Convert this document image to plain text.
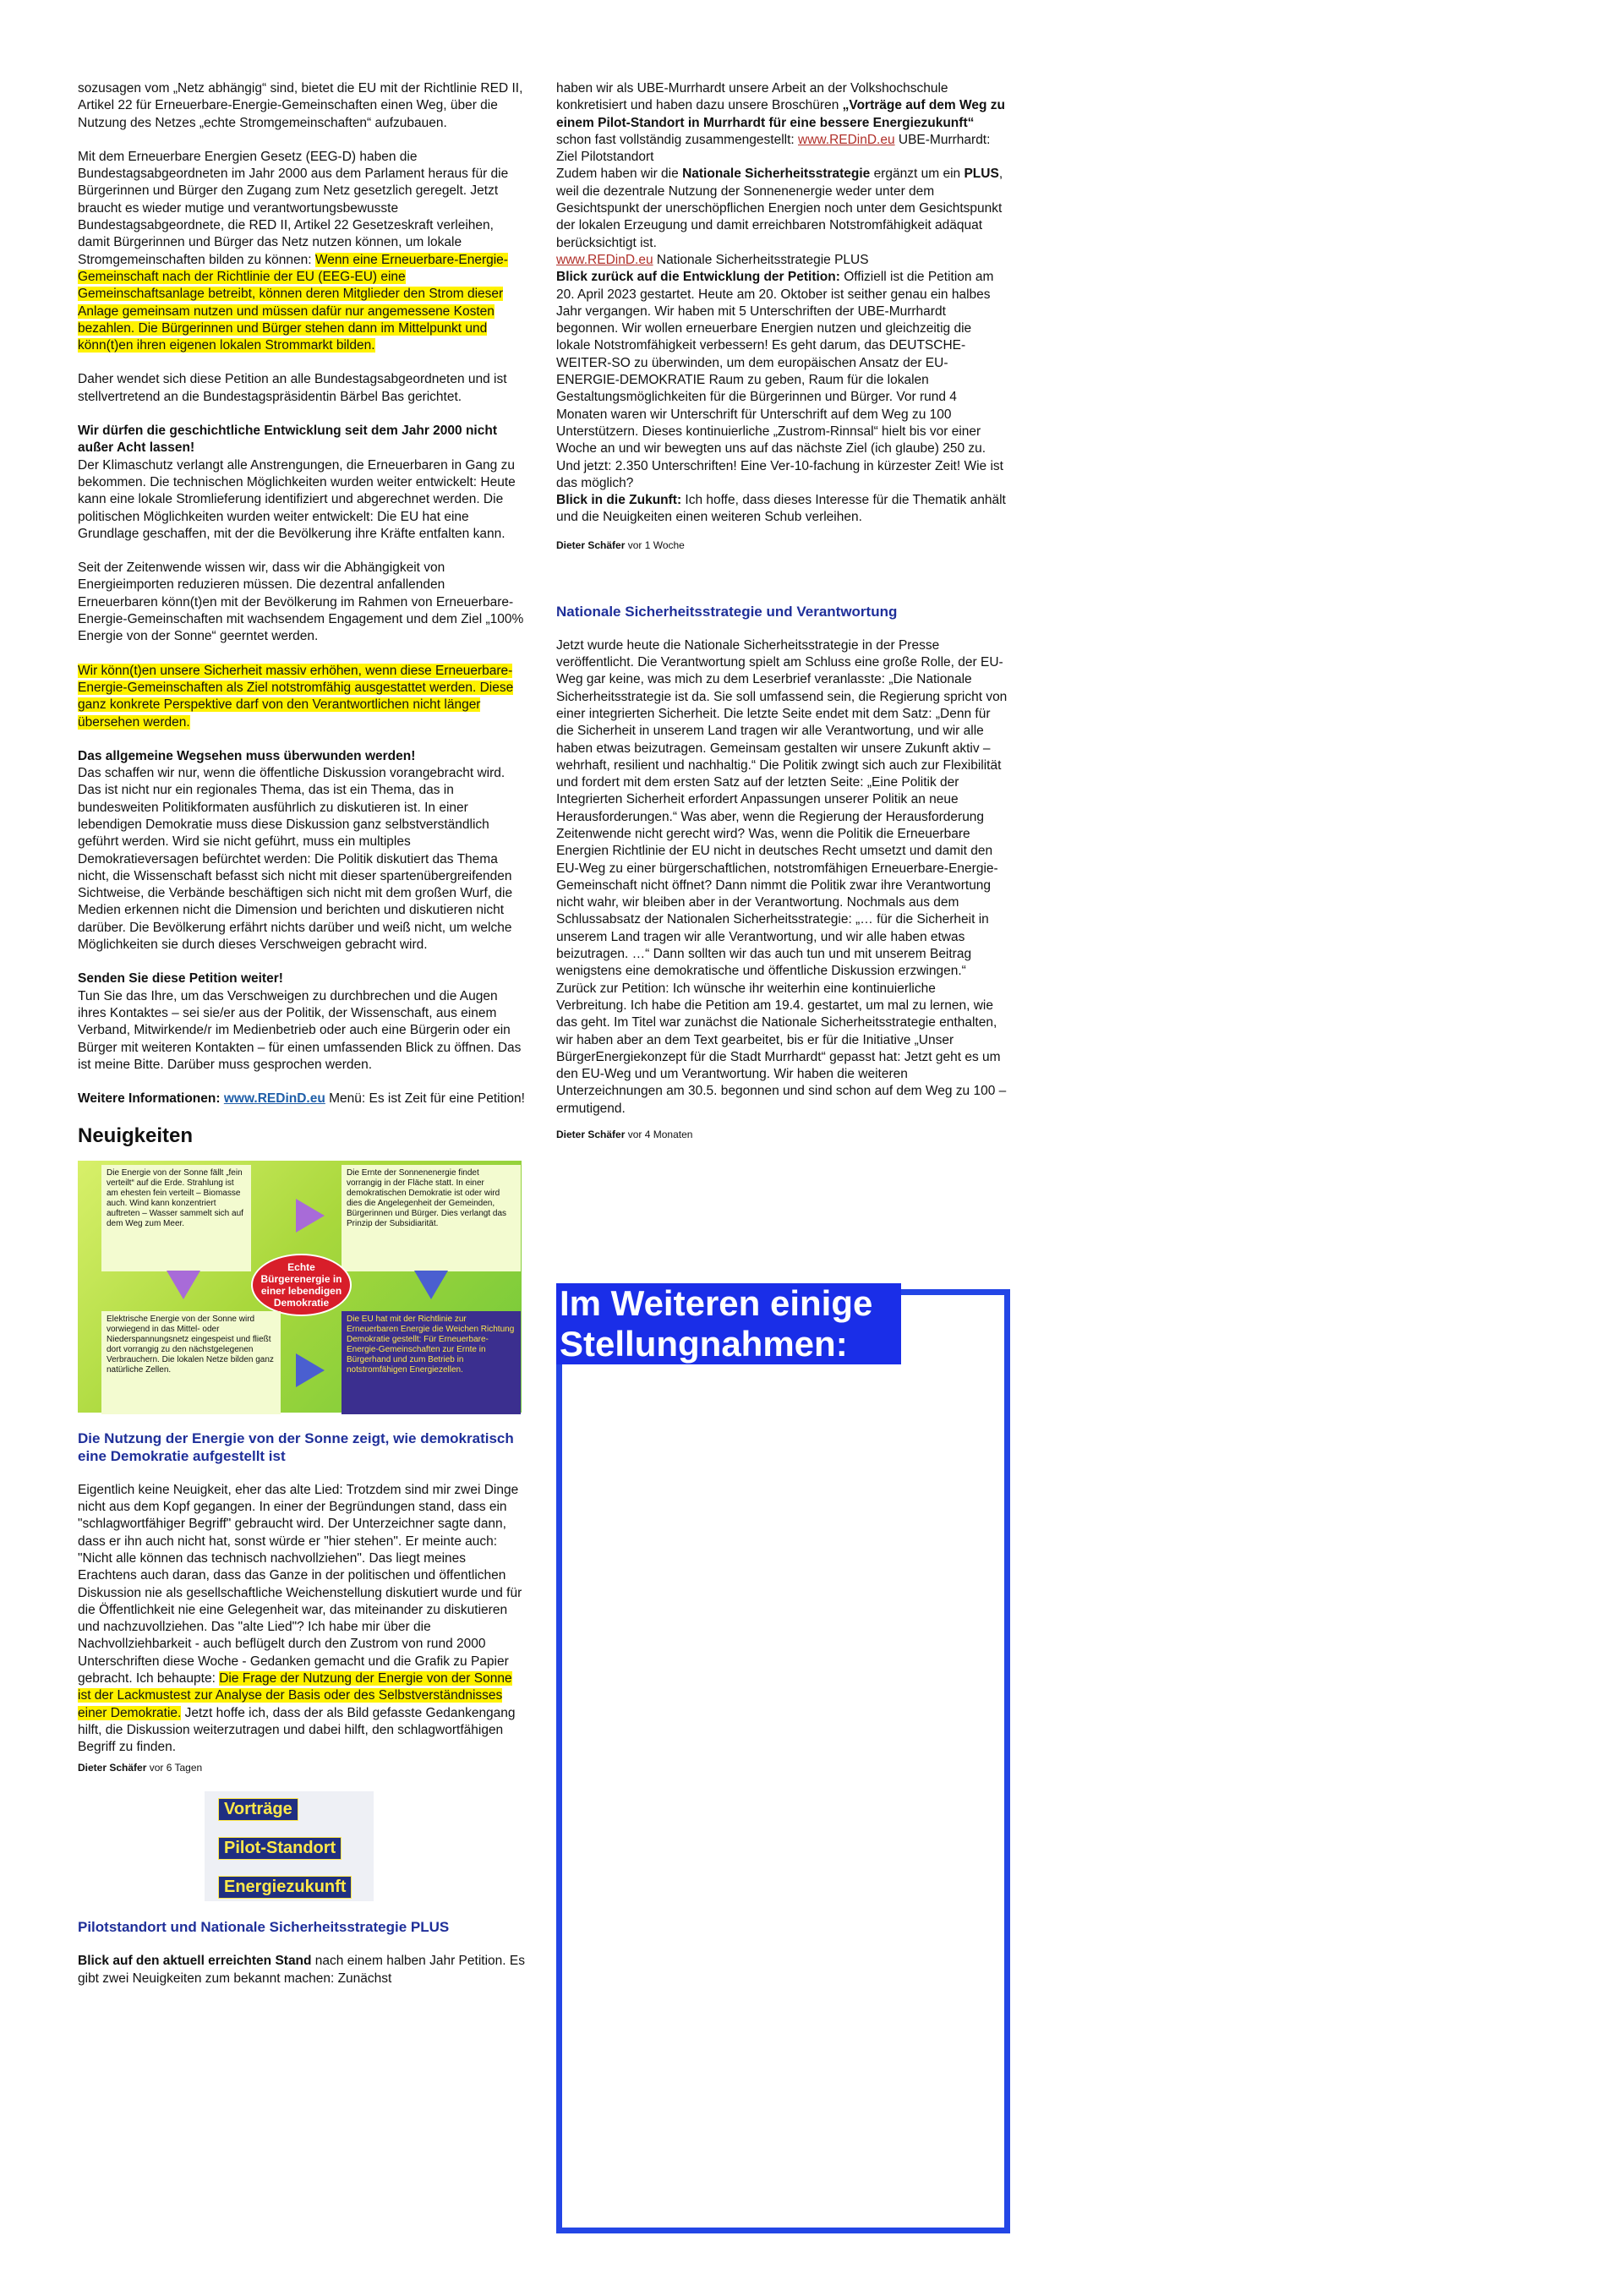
sozusagen vom „Netz abhängig“ sind, bietet die EU mit der Richtlinie RED II, Artikel 22 für Erneuerbare-Energie-Gemeinschaften einen Weg, über die Nutzung des Netzes „echte Stromgemeinschaften“ aufzubauen.

Mit dem Erneuerbare Energien Gesetz (EEG-D) haben die Bundestagsabgeordneten im Jahr 2000 aus dem Parlament heraus für die Bürgerinnen und Bürger den Zugang zum Netz gesetzlich geregelt. Jetzt braucht es wieder mutige und verantwortungsbewusste Bundestagsabgeordnete, die RED II, Artikel 22 Gesetzeskraft verleihen, damit Bürgerinnen und Bürger das Netz nutzen können, um lokale Stromgemeinschaften bilden zu können: Wenn eine Erneuerbare-Energie-Gemeinschaft nach der Richtlinie der EU (EEG-EU) eine Gemeinschaftsanlage betreibt, können deren Mitglieder den Strom dieser Anlage gemeinsam nutzen und müssen dafür nur angemessene Kosten bezahlen. Die Bürgerinnen und Bürger stehen dann im Mittelpunkt und könn(t)en ihren eigenen lokalen Strommarkt bilden.

Daher wendet sich diese Petition an alle Bundestagsabgeordneten und ist stellvertretend an die Bundestagspräsidentin Bärbel Bas gerichtet.

Wir dürfen die geschichtliche Entwicklung seit dem Jahr 2000 nicht außer Acht lassen!
Der Klimaschutz verlangt alle Anstrengungen, die Erneuerbaren in Gang zu bekommen. Die technischen Möglichkeiten wurden weiter entwickelt: Heute kann eine lokale Stromlieferung identifiziert und abgerechnet werden. Die politischen Möglichkeiten wurden weiter entwickelt: Die EU hat eine Grundlage geschaffen, mit der die Bevölkerung ihre Kräfte entfalten kann.

Seit der Zeitenwende wissen wir, dass wir die Abhängigkeit von Energieimporten reduzieren müssen. Die dezentral anfallenden Erneuerbaren könn(t)en mit der Bevölkerung im Rahmen von Erneuerbare-Energie-Gemeinschaften mit wachsendem Engagement und dem Ziel „100% Energie von der Sonne“ geerntet werden.

Wir könn(t)en unsere Sicherheit massiv erhöhen, wenn diese Erneuerbare-Energie-Gemeinschaften als Ziel notstromfähig ausgestattet werden. Diese ganz konkrete Perspektive darf von den Verantwortlichen nicht länger übersehen werden.

Das allgemeine Wegsehen muss überwunden werden!
Das schaffen wir nur, wenn die öffentliche Diskussion vorangebracht wird. Das ist nicht nur ein regionales Thema, das ist ein Thema, das in bundesweiten Politikformaten ausführlich zu diskutieren ist. In einer lebendigen Demokratie muss diese Diskussion ganz selbstverständlich geführt werden. Wird sie nicht geführt, muss ein multiples Demokratieversagen befürchtet werden: Die Politik diskutiert das Thema nicht, die Wissenschaft befasst sich nicht mit dieser spartenübergreifenden Sichtweise, die Verbände beschäftigen sich nicht mit dem großen Wurf, die Medien erkennen nicht die Dimension und berichten und diskutieren nicht darüber. Die Bevölkerung erfährt nichts darüber und weiß nicht, um welche Möglichkeiten sie durch dieses Verschweigen gebracht wird.

Senden Sie diese Petition weiter!
Tun Sie das Ihre, um das Verschweigen zu durchbrechen und die Augen ihres Kontaktes – sei sie/er aus der Politik, der Wissenschaft, aus einem Verband, Mitwirkende/r im Medienbetrieb oder auch eine Bürgerin oder ein Bürger mit weiteren Kontakten – für einen umfassenden Blick zu öffnen. Das ist meine Bitte. Darüber muss gesprochen werden.

Weitere Informationen: www.REDinD.eu Menü: Es ist Zeit für eine Petition!

Neuigkeiten
Die Energie von der Sonne fällt „fein verteilt“ auf die Erde. Strahlung ist am ehesten fein verteilt – Biomasse auch. Wind kann konzentriert auftreten – Wasser sammelt sich auf dem Weg zum Meer.
Die Ernte der Sonnenenergie findet vorrangig in der Fläche statt. In einer demokratischen Demokratie ist oder wird dies die Angelegenheit der Gemeinden, Bürgerinnen und Bürger. Dies verlangt das Prinzip der Subsidiarität.
Echte Bürgerenergie in einer lebendigen Demokratie
Elektrische Energie von der Sonne wird vorwiegend in das Mittel- oder Niederspannungsnetz eingespeist und fließt dort vorrangig zu den nächstgelegenen Verbrauchern. Die lokalen Netze bilden ganz natürliche Zellen.
Die EU hat mit der Richtlinie zur Erneuerbaren Energie die Weichen Richtung Demokratie gestellt: Für Erneuerbare-Energie-Gemeinschaften zur Ernte in Bürgerhand und zum Betrieb in notstromfähigen Energiezellen.
Die Nutzung der Energie von der Sonne zeigt, wie demokratisch eine Demokratie aufgestellt ist

Eigentlich keine Neuigkeit, eher das alte Lied: Trotzdem sind mir zwei Dinge nicht aus dem Kopf gegangen. In einer der Begründungen stand, dass ein "schlagwortfähiger Begriff" gebraucht wird. Der Unterzeichner sagte dann, dass er ihn auch nicht hat, sonst würde er "hier stehen". Er meinte auch: "Nicht alle können das technisch nachvollziehen". Das liegt meines Erachtens auch daran, dass das Ganze in der politischen und öffentlichen Diskussion nie als gesellschaftliche Weichenstellung diskutiert wurde und für die Öffentlichkeit nie eine Gelegenheit war, das miteinander zu diskutieren und nachzuvollziehen. Das "alte Lied"? Ich habe mir über die Nachvollziehbarkeit - auch beflügelt durch den Zustrom von rund 2000 Unterschriften diese Woche - Gedanken gemacht und die Grafik zu Papier gebracht. Ich behaupte: Die Frage der Nutzung der Energie von der Sonne ist der Lackmustest zur Analyse der Basis oder des Selbstverständnisses einer Demokratie. Jetzt hoffe ich, dass der als Bild gefasste Gedankengang hilft, die Diskussion weiterzutragen und dabei hilft, den schlagwortfähigen Begriff zu finden.

Dieter Schäfer vor 6 Tagen
Vorträge
Pilot-Standort
Energiezukunft
Pilotstandort und Nationale Sicherheitsstrategie PLUS

Blick auf den aktuell erreichten Stand nach einem halben Jahr Petition. Es gibt zwei Neuigkeiten zum bekannt machen: Zunächst

haben wir als UBE-Murrhardt unsere Arbeit an der Volkshochschule konkretisiert und haben dazu unsere Broschüren „Vorträge auf dem Weg zu einem Pilot-Standort in Murrhardt für eine bessere Energiezukunft“ schon fast vollständig zusammengestellt: www.REDinD.eu UBE-Murrhardt: Ziel Pilotstandort

Zudem haben wir die Nationale Sicherheitsstrategie ergänzt um ein PLUS, weil die dezentrale Nutzung der Sonnenenergie weder unter dem Gesichtspunkt der unerschöpflichen Energien noch unter dem Gesichtspunkt der lokalen Erzeugung und damit erreichbaren Notstromfähigkeit adäquat berücksichtigt ist.
www.REDinD.eu Nationale Sicherheitsstrategie PLUS

Blick zurück auf die Entwicklung der Petition: Offiziell ist die Petition am 20. April 2023 gestartet. Heute am 20. Oktober ist seither genau ein halbes Jahr vergangen. Wir haben mit 5 Unterschriften der UBE-Murrhardt begonnen. Wir wollen erneuerbare Energien nutzen und gleichzeitig die lokale Notstromfähigkeit verbessern! Es geht darum, das DEUTSCHE-WEITER-SO zu überwinden, um dem europäischen Ansatz der EU-ENERGIE-DEMOKRATIE Raum zu geben, Raum für die lokalen Gestaltungsmöglichkeiten für die Bürgerinnen und Bürger. Vor rund 4 Monaten waren wir Unterschrift für Unterschrift auf dem Weg zu 100 Unterstützern. Dieses kontinuierliche „Zustrom-Rinnsal“ hielt bis vor einer Woche an und wir bewegten uns auf das nächste Ziel (ich glaube) 250 zu. Und jetzt: 2.350 Unterschriften! Eine Ver-10-fachung in kürzester Zeit! Wie ist das möglich?

Blick in die Zukunft: Ich hoffe, dass dieses Interesse für die Thematik anhält und die Neuigkeiten einen weiteren Schub verleihen.

Dieter Schäfer vor 1 Woche
Nationale Sicherheitsstrategie und Verantwortung

Jetzt wurde heute die Nationale Sicherheitsstrategie in der Presse veröffentlicht. Die Verantwortung spielt am Schluss eine große Rolle, der EU-Weg gar keine, was mich zu dem Leserbrief veranlasste: „Die Nationale Sicherheitsstrategie ist da. Sie soll umfassend sein, die Regierung spricht von einer integrierten Sicherheit. Die letzte Seite endet mit dem Satz: „Denn für die Sicherheit in unserem Land tragen wir alle Verantwortung, und wir alle haben etwas beizutragen. Gemeinsam gestalten wir unsere Zukunft aktiv – wehrhaft, resilient und nachhaltig.“ Die Politik zwingt sich auch zur Flexibilität und fordert mit dem ersten Satz auf der letzten Seite: „Eine Politik der Integrierten Sicherheit erfordert Anpassungen unserer Politik an neue Herausforderungen.“ Was aber, wenn die Regierung der Herausforderung Zeitenwende nicht gerecht wird? Was, wenn die Politik die Erneuerbare Energien Richtlinie der EU nicht in deutsches Recht umsetzt und damit den EU-Weg zu einer bürgerschaftlichen, notstromfähigen Erneuerbare-Energie-Gemeinschaft nicht öffnet? Dann nimmt die Politik zwar ihre Verantwortung nicht wahr, wir bleiben aber in der Verantwortung. Nochmals aus dem Schlussabsatz der Nationalen Sicherheitsstrategie: „… für die Sicherheit in unserem Land tragen wir alle Verantwortung, und wir alle haben etwas beizutragen. …“ Dann sollten wir das auch tun und mit unserem Beitrag wenigstens eine demokratische und öffentliche Diskussion erzwingen.“ Zurück zur Petition: Ich wünsche ihr weiterhin eine kontinuierliche Verbreitung. Ich habe die Petition am 19.4. gestartet, um mal zu lernen, wie das geht. Im Titel war zunächst die Nationale Sicherheitsstrategie enthalten, wir haben aber an dem Text gearbeitet, bis er für die Initiative „Unser BürgerEnergiekonzept für die Stadt Murrhardt“ gepasst hat: Jetzt geht es um den EU-Weg und um Verantwortung. Wir haben die weiteren Unterzeichnungen am 30.5. begonnen und sind schon auf dem Weg zu 100 – ermutigend.

Dieter Schäfer vor 4 Monaten
Im Weiteren einige Stellungnahmen:
